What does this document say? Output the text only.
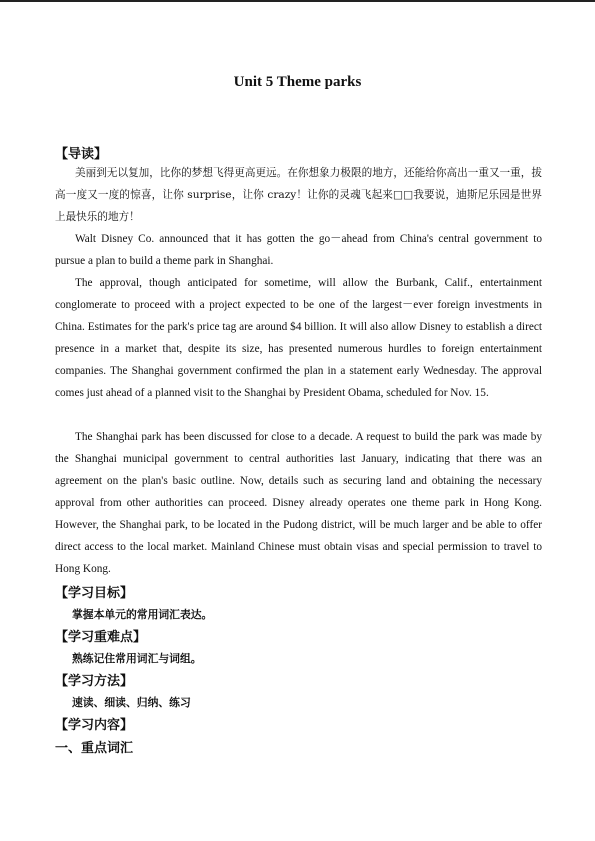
Unit 5 Theme parks
【导读】

美丽到无以复加，比你的梦想飞得更高更远。在你想象力极限的地方，还能给你高出一重又一重，拔高一度又一度的惊喜，让你 surprise，让你 crazy！让你的灵魂飞起来□□我要说，迪斯尼乐园是世界上最快乐的地方！

Walt Disney Co. announced that it has gotten the go－ahead from China's central government to pursue a plan to build a theme park in Shanghai.

The approval, though anticipated for sometime, will allow the Burbank, Calif., entertainment conglomerate to proceed with a project expected to be one of the largest－ever foreign investments in China. Estimates for the park's price tag are around $4 billion. It will also allow Disney to establish a direct presence in a market that, despite its size, has presented numerous hurdles to foreign entertainment companies. The Shanghai government confirmed the plan in a statement early Wednesday. The approval comes just ahead of a planned visit to the Shanghai by President Obama, scheduled for Nov. 15.

The Shanghai park has been discussed for close to a decade. A request to build the park was made by the Shanghai municipal government to central authorities last January, indicating that there was an agreement on the plan's basic outline. Now, details such as securing land and obtaining the necessary approval from other authorities can proceed. Disney already operates one theme park in Hong Kong. However, the Shanghai park, to be located in the Pudong district, will be much larger and be able to offer direct access to the local market. Mainland Chinese must obtain visas and special permission to travel to Hong Kong.

【学习目标】
掌握本单元的常用词汇表达。
【学习重难点】
熟练记住常用词汇与词组。
【学习方法】
速读、细读、归纳、练习
【学习内容】
一、重点词汇
